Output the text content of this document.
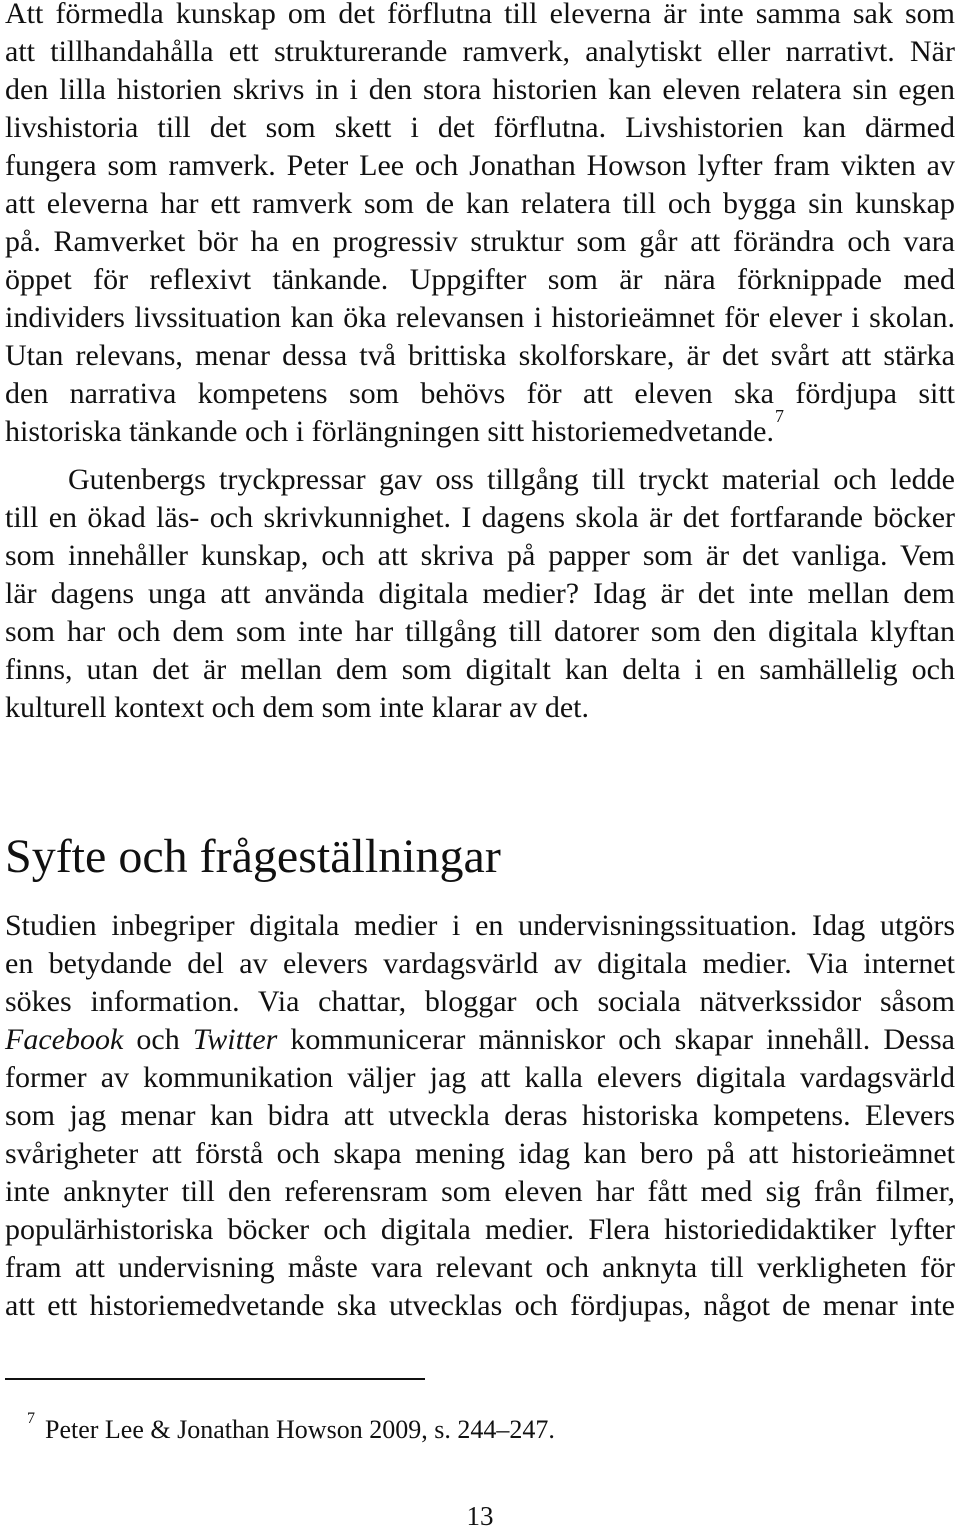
Att förmedla kunskap om det förflutna till eleverna är inte samma sak som
att tillhandahålla ett strukturerande ramverk, analytiskt eller narrativt. När
den lilla historien skrivs in i den stora historien kan eleven relatera sin egen
livshistoria till det som skett i det förflutna. Livshistorien kan därmed
fungera som ramverk. Peter Lee och Jonathan Howson lyfter fram vikten av
att eleverna har ett ramverk som de kan relatera till och bygga sin kunskap
på. Ramverket bör ha en progressiv struktur som går att förändra och vara
öppet för reflexivt tänkande. Uppgifter som är nära förknippade med
individers livssituation kan öka relevansen i historieämnet för elever i skolan.
Utan relevans, menar dessa två brittiska skolforskare, är det svårt att stärka
den narrativa kompetens som behövs för att eleven ska fördjupa sitt
historiska tänkande och i förlängningen sitt historiemedvetande.$^7$
Gutenbergs tryckpressar gav oss tillgång till tryckt material och ledde
till en ökad läs- och skrivkunnighet. I dagens skola är det fortfarande böcker
som innehåller kunskap, och att skriva på papper som är det vanliga. Vem
lär dagens unga att använda digitala medier? Idag är det inte mellan dem
som har och dem som inte har tillgång till datorer som den digitala klyftan
finns, utan det är mellan dem som digitalt kan delta i en samhällelig och
kulturell kontext och dem som inte klarar av det.
Syfte och frågeställningar
Studien inbegriper digitala medier i en undervisningssituation. Idag utgörs
en betydande del av elevers vardagsvärld av digitala medier. Via internet
sökes information. Via chattar, bloggar och sociala nätverkssidor såsom
Facebook och Twitter kommunicerar människor och skapar innehåll. Dessa
former av kommunikation väljer jag att kalla elevers digitala vardagsvärld
som jag menar kan bidra att utveckla deras historiska kompetens. Elevers
svårigheter att förstå och skapa mening idag kan bero på att historieämnet
inte anknyter till den referensram som eleven har fått med sig från filmer,
populärhistoriska böcker och digitala medier. Flera historiedidaktiker lyfter
fram att undervisning måste vara relevant och anknyta till verkligheten för
att ett historiemedvetande ska utvecklas och fördjupas, något de menar inte
7 Peter Lee & Jonathan Howson 2009, s. 244–247.
13
